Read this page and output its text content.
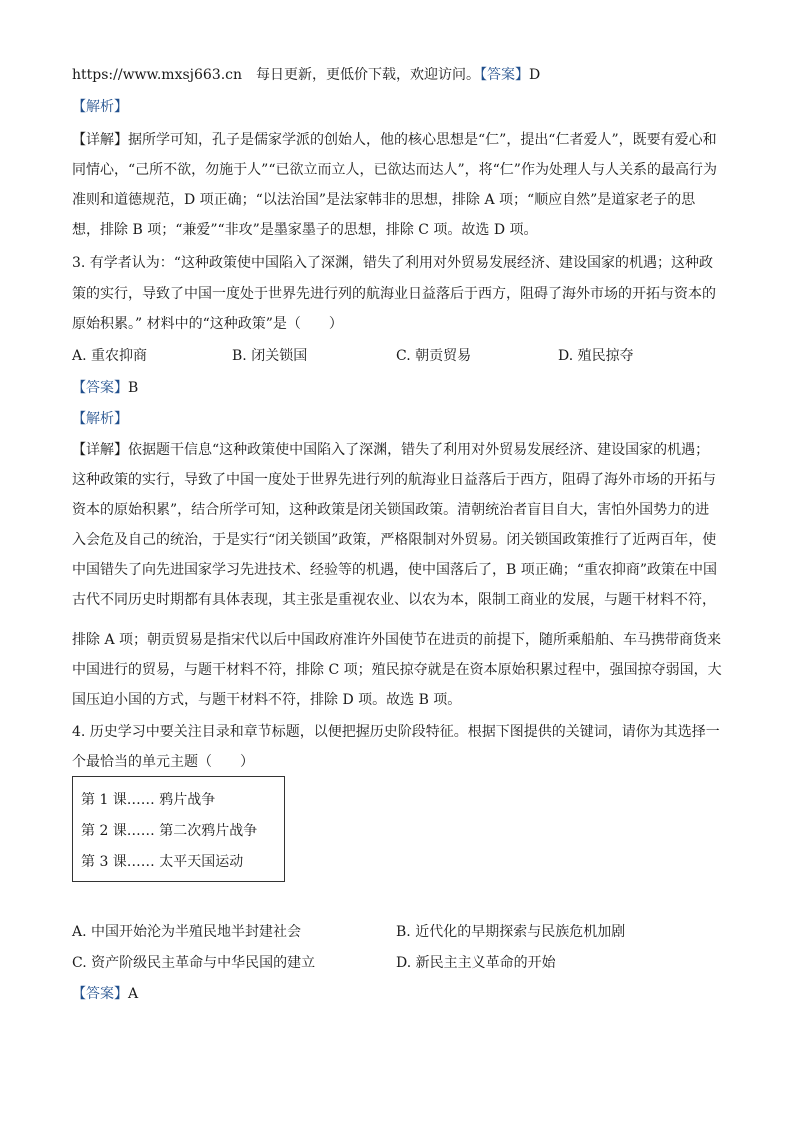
https://www.mxsj663.cn 每日更新，更低价下载，欢迎访问。【答案】D
【解析】
【详解】据所学可知，孔子是儒家学派的创始人，他的核心思想是“仁”，提出“仁者爱人”，既要有爱心和
同情心，“己所不欲，勿施于人”“已欲立而立人，已欲达而达人”，将“仁”作为处理人与人关系的最高行为
准则和道德规范，D 项正确；“以法治国”是法家韩非的思想，排除 A 项；“顺应自然”是道家老子的思
想，排除 B 项；“兼爱”“非攻”是墨家墨子的思想，排除 C 项。故选 D 项。
3. 有学者认为：“这种政策使中国陷入了深渊，错失了利用对外贸易发展经济、建设国家的机遇；这种政
策的实行，导致了中国一度处于世界先进行列的航海业日益落后于西方，阻碍了海外市场的开拓与资本的
原始积累。” 材料中的“这种政策”是（　　）
A. 重农抑商	B. 闭关锁国	C. 朝贡贸易	D. 殖民掠夺
【答案】B
【解析】
【详解】依据题干信息“这种政策使中国陷入了深渊，错失了利用对外贸易发展经济、建设国家的机遇；
这种政策的实行，导致了中国一度处于世界先进行列的航海业日益落后于西方，阻碍了海外市场的开拓与
资本的原始积累”，结合所学可知，这种政策是闭关锁国政策。清朝统治者盲目自大，害怕外国势力的进
入会危及自己的统治，于是实行“闭关锁国”政策，严格限制对外贸易。闭关锁国政策推行了近两百年，使
中国错失了向先进国家学习先进技术、经验等的机遇，使中国落后了，B 项正确；“重农抑商”政策在中国
古代不同历史时期都有具体表现，其主张是重视农业、以农为本，限制工商业的发展，与题干材料不符，
排除 A 项；朝贡贸易是指宋代以后中国政府准许外国使节在进贡的前提下，随所乘船舶、车马携带商货来
中国进行的贸易，与题干材料不符，排除 C 项；殖民掠夺就是在资本原始积累过程中，强国掠夺弱国，大
国压迫小国的方式，与题干材料不符，排除 D 项。故选 B 项。
4. 历史学习中要关注目录和章节标题，以便把握历史阶段特征。根据下图提供的关键词，请你为其选择一
个最恰当的单元主题（　　）
第 1 课…… 鸦片战争
第 2 课…… 第二次鸦片战争
第 3 课…… 太平天国运动
A. 中国开始沦为半殖民地半封建社会	B. 近代化的早期探索与民族危机加剧
C. 资产阶级民主革命与中华民国的建立	D. 新民主主义革命的开始
【答案】A
